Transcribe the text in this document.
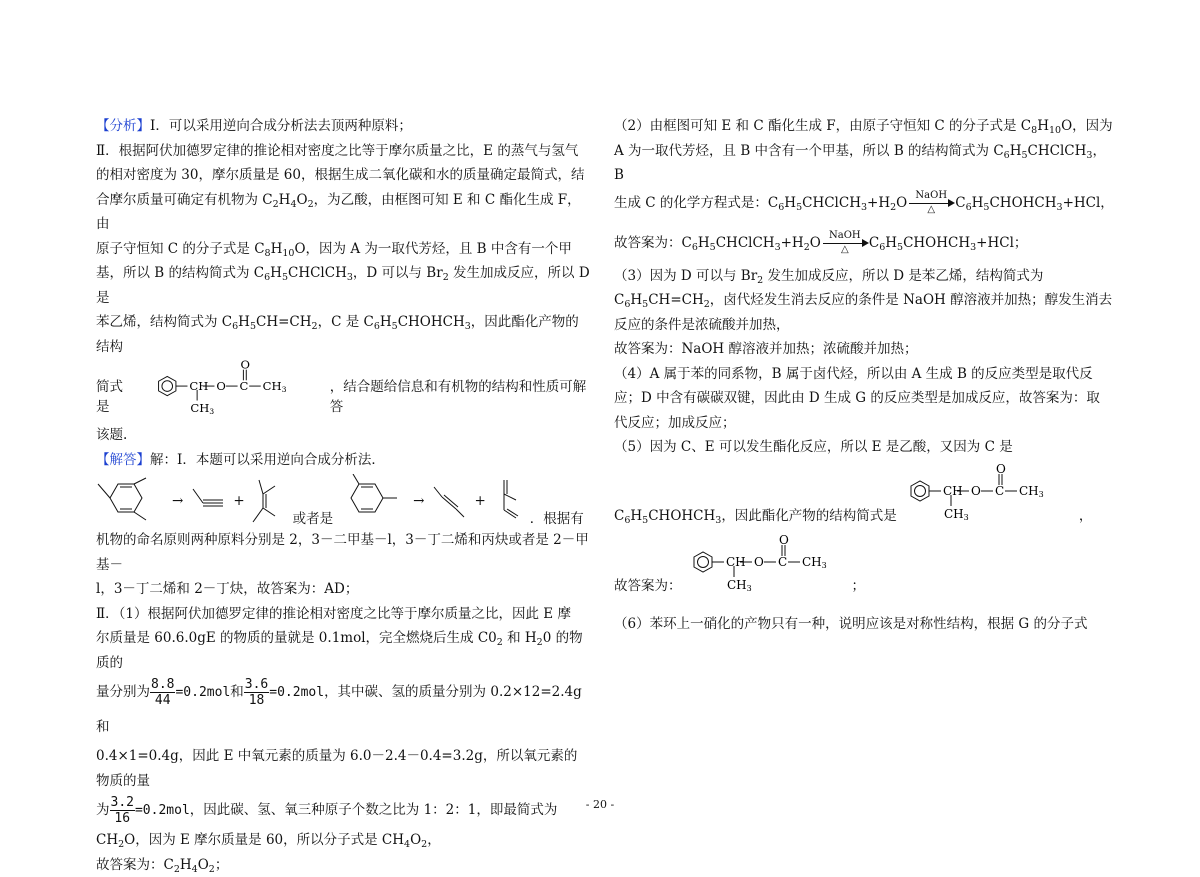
【分析】Ⅰ．可以采用逆向合成分析法去顶两种原料；

Ⅱ．根据阿伏加德罗定律的推论相对密度之比等于摩尔质量之比，E 的蒸气与氢气

的相对密度为 30，摩尔质量是 60，根据生成二氧化碳和水的质量确定最简式，结

合摩尔质量可确定有机物为 $C_2H_4O_2$，为乙酸，由框图可知 E 和 C 酯化生成 F，由

原子守恒知 C 的分子式是 $C_8H_{10}O$，因为 A 为一取代芳烃，且 B 中含有一个甲

基，所以 B 的结构简式为 $C_6H_5CHClCH_3$，D 可以与 $Br_2$ 发生加成反应，所以 D 是

苯乙烯，结构简式为 $C_6H_5CH=CH_2$，C 是 $C_6H_5CHOHCH_3$，因此酯化产物的结构

简式是
CH
CH3
O C
O
CH3	，结合题给信息和有机物的结构和性质可解答

该题.

【解答】解：Ⅰ．本题可以采用逆向合成分析法．

→	+
或者是
→	+
．根据有

机物的命名原则两种原料分别是 2，3－二甲基－l，3－丁二烯和丙炔或者是 2－甲基－

l，3－丁二烯和 2－丁炔，故答案为：AD；

Ⅱ．（1）根据阿伏加德罗定律的推论相对密度之比等于摩尔质量之比，因此 E 摩

尔质量是 60.6.0gE 的物质的量就是 0.1mol，完全燃烧后生成 $C0_2$ 和 $H_20$ 的物质的

量分别为 $\frac{8.8}{44} =0.2mol$和 $\frac{3.6}{18} =0.2mol$，其中碳、氢的质量分别为 0.2×12=2.4g 和

0.4×1=0.4g，因此 E 中氧元素的质量为 6.0－2.4－0.4=3.2g，所以氧元素的物质的量

为 $\frac{3.2}{16} =0.2mol$，因此碳、氢、氧三种原子个数之比为 1：2：1，即最简式为

$CH_2O$，因为 E 摩尔质量是 60，所以分子式是 $CH_4O_2$，

故答案为：$C_2H_4O_2$；

（2）由框图可知 E 和 C 酯化生成 F，由原子守恒知 C 的分子式是 $C_8H_{10}O$，因为

A 为一取代芳烃，且 B 中含有一个甲基，所以 B 的结构简式为 $C_6H_5CHClCH_3$，B

生成 C 的化学方程式是：$C_6H_5CHClCH_3+H_2O$ NaOH
△	$C_6H_5CHOHCH_3+HCl$，

故答案为：$C_6H_5CHClCH_3+H_2O$ NaOH
△	$C_6H_5CHOHCH_3+HCl$；

（3）因为 D 可以与 $Br_2$ 发生加成反应，所以 D 是苯乙烯，结构简式为

$C_6H_5CH=CH_2$，卤代烃发生消去反应的条件是 NaOH 醇溶液并加热；醇发生消去

反应的条件是浓硫酸并加热，

故答案为：NaOH 醇溶液并加热；浓硫酸并加热；

（4）A 属于苯的同系物，B 属于卤代烃，所以由 A 生成 B 的反应类型是取代反

应；D 中含有碳碳双键，因此由 D 生成 G 的反应类型是加成反应，故答案为：取

代反应；加成反应；

（5）因为 C、E 可以发生酯化反应，所以 E 是乙酸，又因为 C 是

$C_6H_5CHOHCH_3$，因此酯化产物的结构简式是
CH
CH3
O C
O
CH3
，
故答案为：
CH
CH3
O C
O
CH3
；

（6）苯环上一硝化的产物只有一种，说明应该是对称性结构，根据 G 的分子式

- 20 -
